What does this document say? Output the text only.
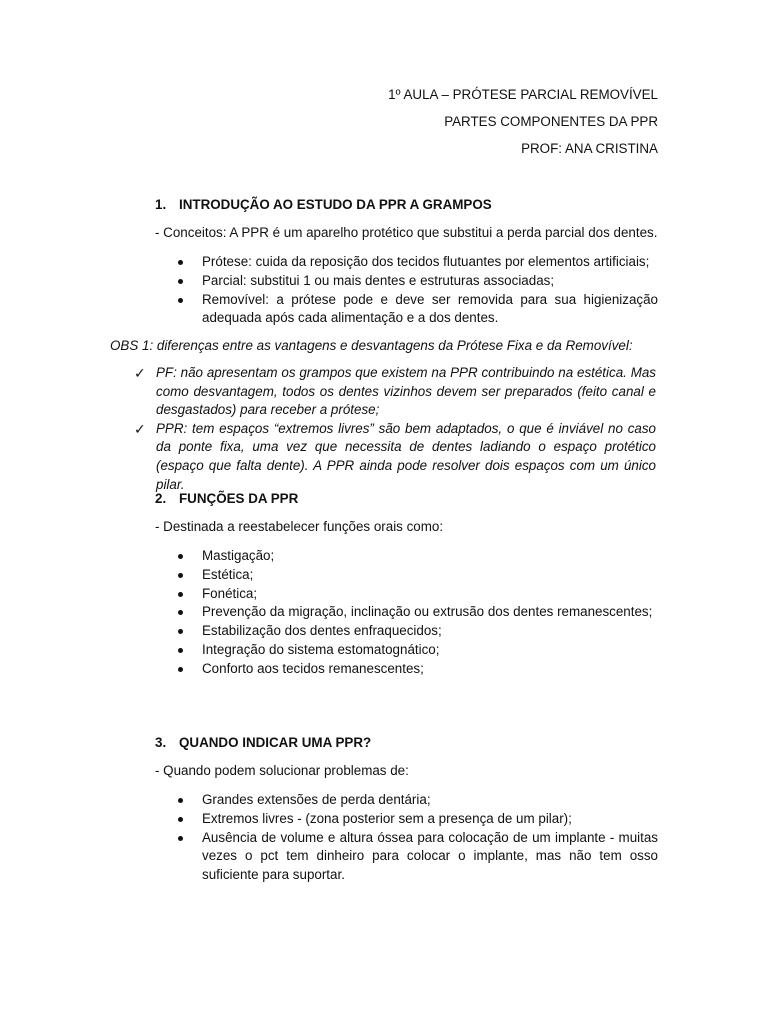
1º AULA – PRÓTESE PARCIAL REMOVÍVEL

PARTES COMPONENTES DA PPR

PROF: ANA CRISTINA

1. INTRODUÇÃO AO ESTUDO DA PPR A GRAMPOS
- Conceitos: A PPR é um aparelho protético que substitui a perda parcial dos dentes.
Prótese: cuida da reposição dos tecidos flutuantes por elementos artificiais;
Parcial: substitui 1 ou mais dentes e estruturas associadas;
Removível: a prótese pode e deve ser removida para sua higienização adequada após cada alimentação e a dos dentes.
OBS 1: diferenças entre as vantagens e desvantagens da Prótese Fixa e da Removível:
✓ PF: não apresentam os grampos que existem na PPR contribuindo na estética. Mas como desvantagem, todos os dentes vizinhos devem ser preparados (feito canal e desgastados) para receber a prótese;
✓ PPR: tem espaços “extremos livres” são bem adaptados, o que é inviável no caso da ponte fixa, uma vez que necessita de dentes ladiando o espaço protético (espaço que falta dente). A PPR ainda pode resolver dois espaços com um único pilar.
2. FUNÇÕES DA PPR
- Destinada a reestabelecer funções orais como:
Mastigação;
Estética;
Fonética;
Prevenção da migração, inclinação ou extrusão dos dentes remanescentes;
Estabilização dos dentes enfraquecidos;
Integração do sistema estomatognático;
Conforto aos tecidos remanescentes;
3. QUANDO INDICAR UMA PPR?
- Quando podem solucionar problemas de:
Grandes extensões de perda dentária;
Extremos livres - (zona posterior sem a presença de um pilar);
Ausência de volume e altura óssea para colocação de um implante - muitas vezes o pct tem dinheiro para colocar o implante, mas não tem osso suficiente para suportar.
